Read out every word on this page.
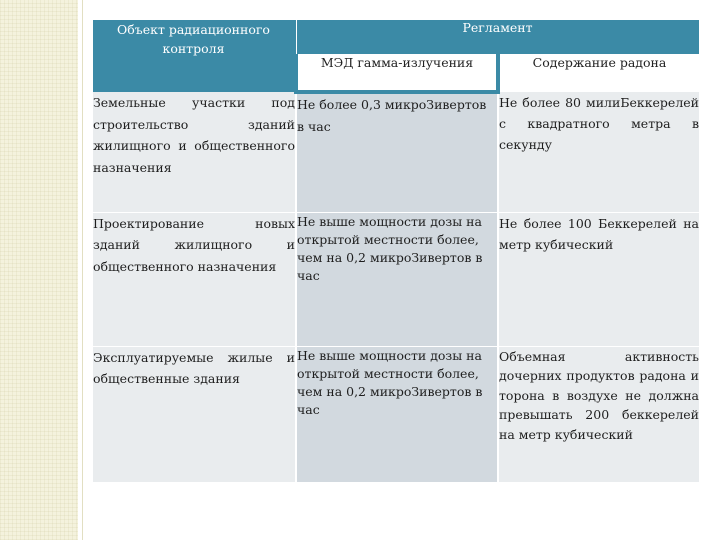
Объект радиационного контроля	Регламент	
	МЭД гамма-излучения	Содержание радона
Земельные участки под строительство зданий жилищного и общественного назначения	Не более 0,3 микроЗивертов в час	Не более 80 милиБеккерелей с квадратного метра в секунду
Проектирование новых зданий жилищного и общественного назначения	Не выше мощности дозы на открытой местности более, чем на 0,2 микроЗивертов в час	Не более 100 Беккерелей на метр кубический
Эксплуатируемые жилые и общественные здания	Не выше мощности дозы на открытой местности более, чем на 0,2 микроЗивертов в час	Объемная активность дочерних продуктов радона и торона в воздухе не должна превышать 200 беккерелей на метр кубический
